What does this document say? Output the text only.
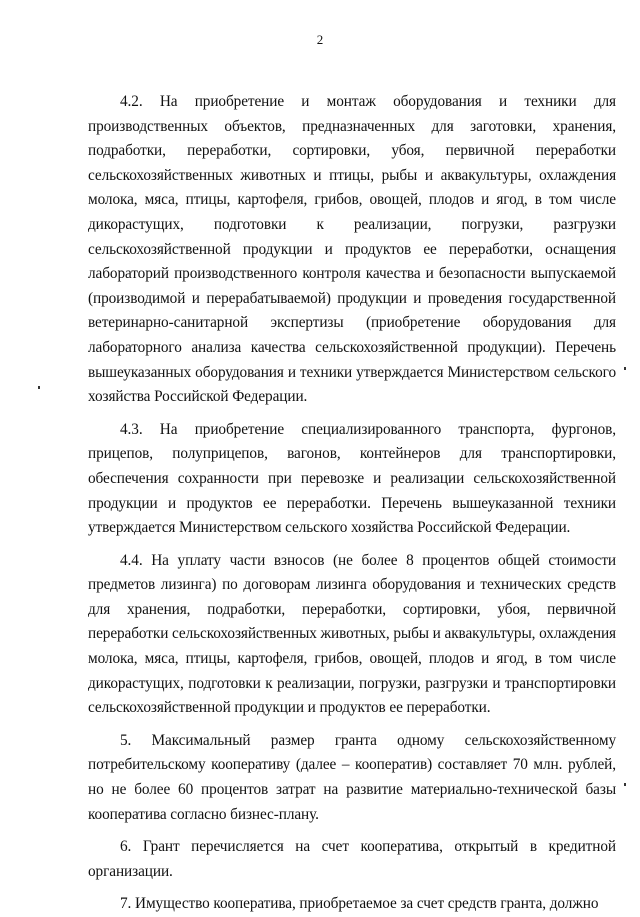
2

4.2. На приобретение и монтаж оборудования и техники для производственных объектов, предназначенных для заготовки, хранения, подработки, переработки, сортировки, убоя, первичной переработки сельскохозяйственных животных и птицы, рыбы и аквакультуры, охлаждения молока, мяса, птицы, картофеля, грибов, овощей, плодов и ягод, в том числе дикорастущих, подготовки к реализации, погрузки, разгрузки сельскохозяйственной продукции и продуктов ее переработки, оснащения лабораторий производственного контроля качества и безопасности выпускаемой (производимой и перерабатываемой) продукции и проведения государственной ветеринарно-санитарной экспертизы (приобретение оборудования для лабораторного анализа качества сельскохозяйственной продукции). Перечень вышеуказанных оборудования и техники утверждается Министерством сельского хозяйства Российской Федерации.

4.3. На приобретение специализированного транспорта, фургонов, прицепов, полуприцепов, вагонов, контейнеров для транспортировки, обеспечения сохранности при перевозке и реализации сельскохозяйственной продукции и продуктов ее переработки. Перечень вышеуказанной техники утверждается Министерством сельского хозяйства Российской Федерации.

4.4. На уплату части взносов (не более 8 процентов общей стоимости предметов лизинга) по договорам лизинга оборудования и технических средств для хранения, подработки, переработки, сортировки, убоя, первичной переработки сельскохозяйственных животных, рыбы и аквакультуры, охлаждения молока, мяса, птицы, картофеля, грибов, овощей, плодов и ягод, в том числе дикорастущих, подготовки к реализации, погрузки, разгрузки и транспортировки сельскохозяйственной продукции и продуктов ее переработки.

5. Максимальный размер гранта одному сельскохозяйственному потребительскому кооперативу (далее – кооператив) составляет 70 млн. рублей, но не более 60 процентов затрат на развитие материально-технической базы кооператива согласно бизнес-плану.

6. Грант перечисляется на счет кооператива, открытый в кредитной организации.

7. Имущество кооператива, приобретаемое за счет средств гранта, должно
